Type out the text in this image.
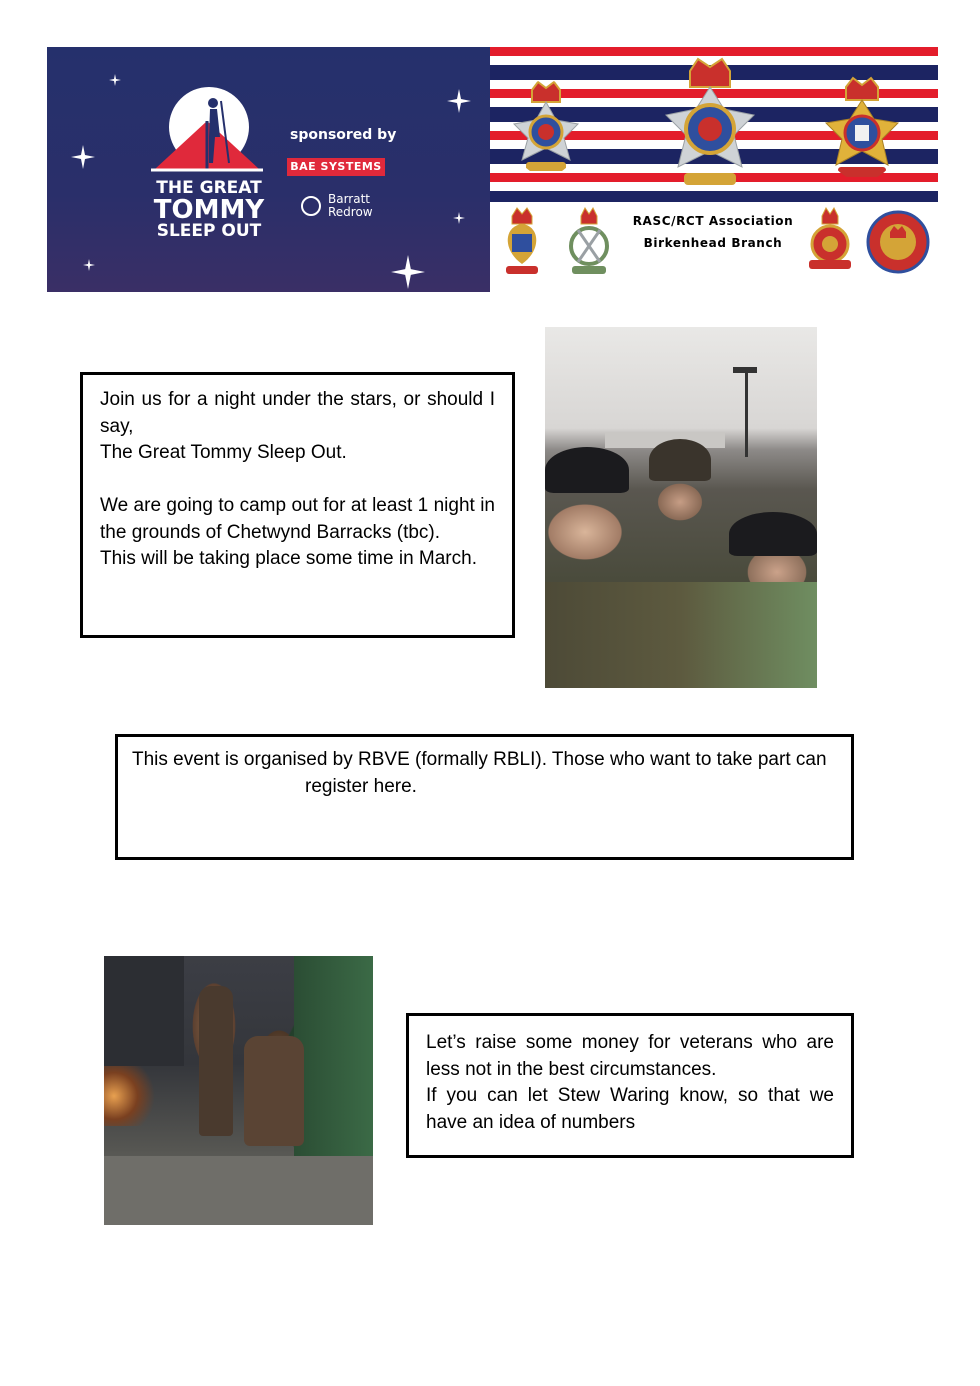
THE GREAT
TOMMY
SLEEP OUT
sponsored by
BAE SYSTEMS
Barratt
Redrow
RASC/RCT Association
Birkenhead Branch

Join us for a night under the stars, or should I say,

The Great Tommy Sleep Out.

We are going to camp out for at least 1 night in the grounds of Chetwynd Barracks (tbc).

This will be taking place some time in March.

This event is organised by RBVE (formally RBLI). Those who want to take part can

register here.

Let’s raise some money for veterans who are less not in the best circumstances.

If you can let Stew Waring know, so that we have an idea of numbers
